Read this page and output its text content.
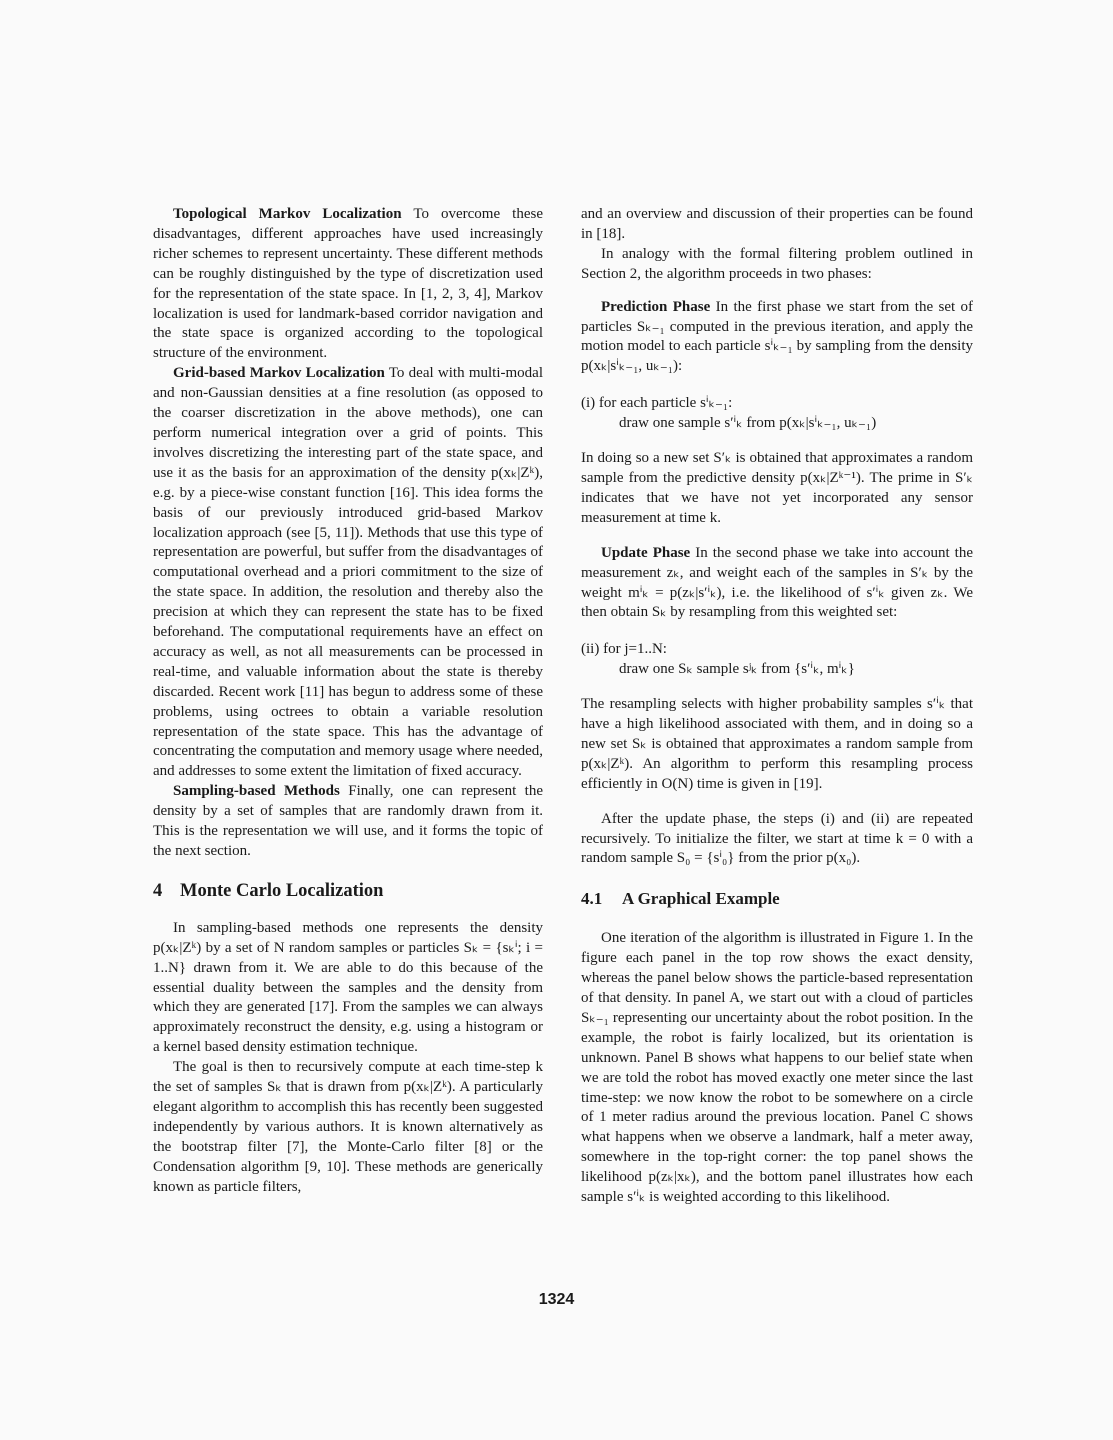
Topological Markov Localization To overcome these disadvantages, different approaches have used increasingly richer schemes to represent uncertainty. These different methods can be roughly distinguished by the type of discretization used for the representation of the state space. In [1, 2, 3, 4], Markov localization is used for landmark-based corridor navigation and the state space is organized according to the topological structure of the environment.

Grid-based Markov Localization To deal with multi-modal and non-Gaussian densities at a fine resolution (as opposed to the coarser discretization in the above methods), one can perform numerical integration over a grid of points. This involves discretizing the interesting part of the state space, and use it as the basis for an approximation of the density p(xₖ|Zᵏ), e.g. by a piece-wise constant function [16]. This idea forms the basis of our previously introduced grid-based Markov localization approach (see [5, 11]). Methods that use this type of representation are powerful, but suffer from the disadvantages of computational overhead and a priori commitment to the size of the state space. In addition, the resolution and thereby also the precision at which they can represent the state has to be fixed beforehand. The computational requirements have an effect on accuracy as well, as not all measurements can be processed in real-time, and valuable information about the state is thereby discarded. Recent work [11] has begun to address some of these problems, using octrees to obtain a variable resolution representation of the state space. This has the advantage of concentrating the computation and memory usage where needed, and addresses to some extent the limitation of fixed accuracy.

Sampling-based Methods Finally, one can represent the density by a set of samples that are randomly drawn from it. This is the representation we will use, and it forms the topic of the next section.

4 Monte Carlo Localization

In sampling-based methods one represents the density p(xₖ|Zᵏ) by a set of N random samples or particles Sₖ = {sₖⁱ; i = 1..N} drawn from it. We are able to do this because of the essential duality between the samples and the density from which they are generated [17]. From the samples we can always approximately reconstruct the density, e.g. using a histogram or a kernel based density estimation technique.

The goal is then to recursively compute at each time-step k the set of samples Sₖ that is drawn from p(xₖ|Zᵏ). A particularly elegant algorithm to accomplish this has recently been suggested independently by various authors. It is known alternatively as the bootstrap filter [7], the Monte-Carlo filter [8] or the Condensation algorithm [9, 10]. These methods are generically known as particle filters,

and an overview and discussion of their properties can be found in [18].

In analogy with the formal filtering problem outlined in Section 2, the algorithm proceeds in two phases:

Prediction Phase In the first phase we start from the set of particles Sₖ₋₁ computed in the previous iteration, and apply the motion model to each particle sⁱₖ₋₁ by sampling from the density p(xₖ|sⁱₖ₋₁, uₖ₋₁):

(i) for each particle sⁱₖ₋₁:
draw one sample s′ⁱₖ from p(xₖ|sⁱₖ₋₁, uₖ₋₁)

In doing so a new set S′ₖ is obtained that approximates a random sample from the predictive density p(xₖ|Zᵏ⁻¹). The prime in S′ₖ indicates that we have not yet incorporated any sensor measurement at time k.

Update Phase In the second phase we take into account the measurement zₖ, and weight each of the samples in S′ₖ by the weight mⁱₖ = p(zₖ|s′ⁱₖ), i.e. the likelihood of s′ⁱₖ given zₖ. We then obtain Sₖ by resampling from this weighted set:

(ii) for j=1..N:
draw one Sₖ sample sʲₖ from {s′ⁱₖ, mⁱₖ}

The resampling selects with higher probability samples s′ⁱₖ that have a high likelihood associated with them, and in doing so a new set Sₖ is obtained that approximates a random sample from p(xₖ|Zᵏ). An algorithm to perform this resampling process efficiently in O(N) time is given in [19].

After the update phase, the steps (i) and (ii) are repeated recursively. To initialize the filter, we start at time k = 0 with a random sample S₀ = {sⁱ₀} from the prior p(x₀).

4.1 A Graphical Example

One iteration of the algorithm is illustrated in Figure 1. In the figure each panel in the top row shows the exact density, whereas the panel below shows the particle-based representation of that density. In panel A, we start out with a cloud of particles Sₖ₋₁ representing our uncertainty about the robot position. In the example, the robot is fairly localized, but its orientation is unknown. Panel B shows what happens to our belief state when we are told the robot has moved exactly one meter since the last time-step: we now know the robot to be somewhere on a circle of 1 meter radius around the previous location. Panel C shows what happens when we observe a landmark, half a meter away, somewhere in the top-right corner: the top panel shows the likelihood p(zₖ|xₖ), and the bottom panel illustrates how each sample s′ⁱₖ is weighted according to this likelihood.

1324
